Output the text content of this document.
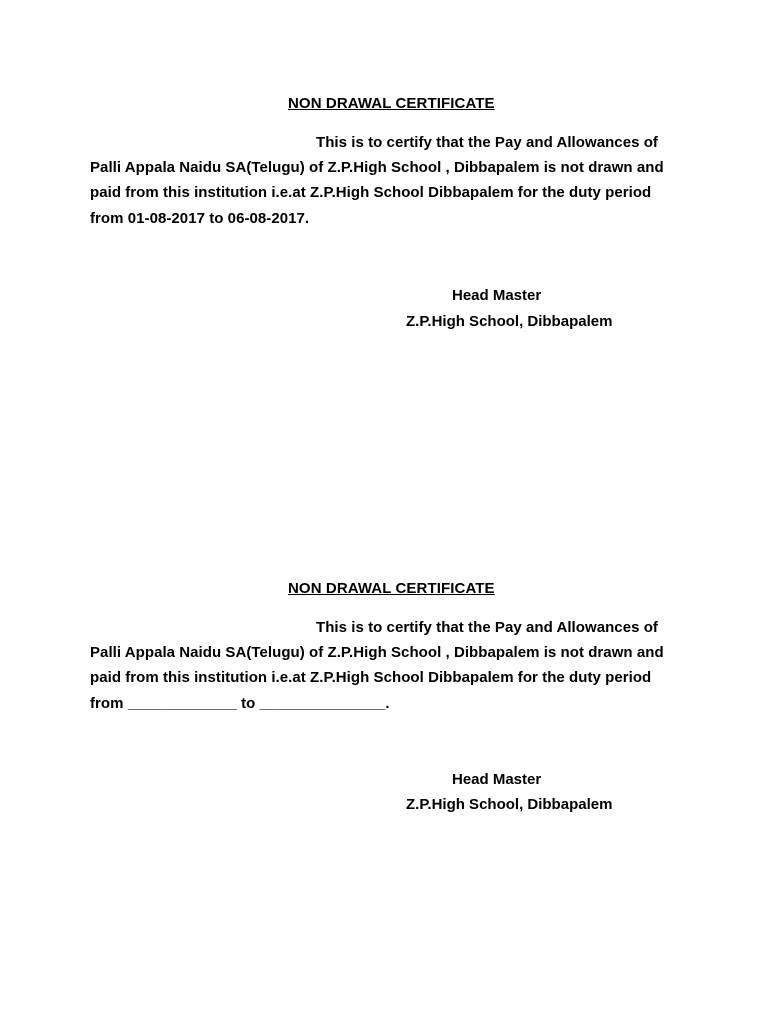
NON DRAWAL CERTIFICATE
This is to certify that the Pay and Allowances of
Palli Appala Naidu SA(Telugu) of Z.P.High School , Dibbapalem is not drawn and
paid from this institution i.e.at Z.P.High School Dibbapalem for the duty period
from 01-08-2017 to 06-08-2017.
Head Master
Z.P.High School, Dibbapalem
NON DRAWAL CERTIFICATE
This is to certify that the Pay and Allowances of
Palli Appala Naidu SA(Telugu) of Z.P.High School , Dibbapalem is not drawn and
paid from this institution i.e.at Z.P.High School Dibbapalem for the duty period
from _____________ to _______________.
Head Master
Z.P.High School, Dibbapalem
